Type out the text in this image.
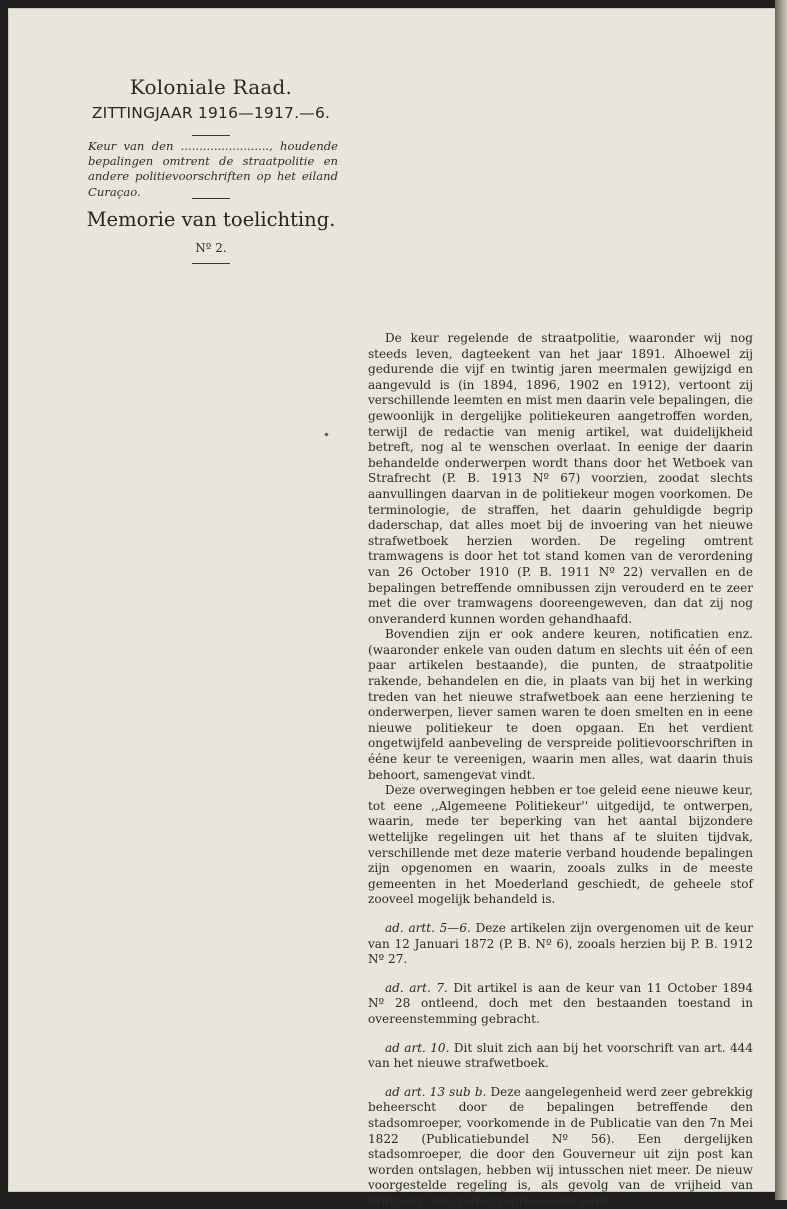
Koloniale Raad.

ZITTINGJAAR 1916—1917.—6.

Keur van den ........................, houdende bepalingen omtrent de straatpolitie en andere politievoorschriften op het eiland Curaçao.

Memorie van toelichting.

Nº 2.

De keur regelende de straatpolitie, waaronder wij nog steeds leven, dagteekent van het jaar 1891. Alhoewel zij gedurende die vijf en twintig jaren meermalen gewijzigd en aangevuld is (in 1894, 1896, 1902 en 1912), vertoont zij verschillende leemten en mist men daarin vele bepalingen, die gewoonlijk in dergelijke politiekeuren aangetroffen worden, terwijl de redactie van menig artikel, wat duidelijkheid betreft, nog al te wenschen overlaat. In eenige der daarin behandelde onderwerpen wordt thans door het Wetboek van Strafrecht (P. B. 1913 Nº 67) voorzien, zoodat slechts aanvullingen daarvan in de politiekeur mogen voorkomen. De terminologie, de straffen, het daarin gehuldigde begrip daderschap, dat alles moet bij de invoering van het nieuwe strafwetboek herzien worden. De regeling omtrent tramwagens is door het tot stand komen van de verordening van 26 October 1910 (P. B. 1911 Nº 22) vervallen en de bepalingen betreffende omnibussen zijn verouderd en te zeer met die over tramwagens dooreengeweven, dan dat zij nog onveranderd kunnen worden gehandhaafd.

Bovendien zijn er ook andere keuren, notificatien enz. (waaronder enkele van ouden datum en slechts uit één of een paar artikelen bestaande), die punten, de straatpolitie rakende, behandelen en die, in plaats van bij het in werking treden van het nieuwe strafwetboek aan eene herziening te onderwerpen, liever samen waren te doen smelten en in eene nieuwe politiekeur te doen opgaan. En het verdient ongetwijfeld aanbeveling de verspreide politievoorschriften in ééne keur te vereenigen, waarin men alles, wat daarin thuis behoort, samengevat vindt.

Deze overwegingen hebben er toe geleid eene nieuwe keur, tot eene ,,Algemeene Politiekeur'' uitgedijd, te ontwerpen, waarin, mede ter beperking van het aantal bijzondere wettelijke regelingen uit het thans af te sluiten tijdvak, verschillende met deze materie verband houdende bepalingen zijn opgenomen en waarin, zooals zulks in de meeste gemeenten in het Moederland geschiedt, de geheele stof zooveel mogelijk behandeld is.

ad. artt. 5—6. Deze artikelen zijn overgenomen uit de keur van 12 Januari 1872 (P. B. Nº 6), zooals herzien bij P. B. 1912 Nº 27.

ad. art. 7. Dit artikel is aan de keur van 11 October 1894 Nº 28 ontleend, doch met den bestaanden toestand in overeenstemming gebracht.

ad art. 10. Dit sluit zich aan bij het voorschrift van art. 444 van het nieuwe strafwetboek.

ad art. 13 sub b. Deze aangelegenheid werd zeer gebrekkig beheerscht door de bepalingen betreffende den stadsomroeper, voorkomende in de Publicatie van den 7n Mei 1822 (Publicatiebundel Nº 56). Een dergelijken stadsomroeper, die door den Gouverneur uit zijn post kan worden ontslagen, hebben wij intusschen niet meer. De nieuw voorgestelde regeling is, als gevolg van de vrijheid van drukpers, van zuiver repressieven aard.
